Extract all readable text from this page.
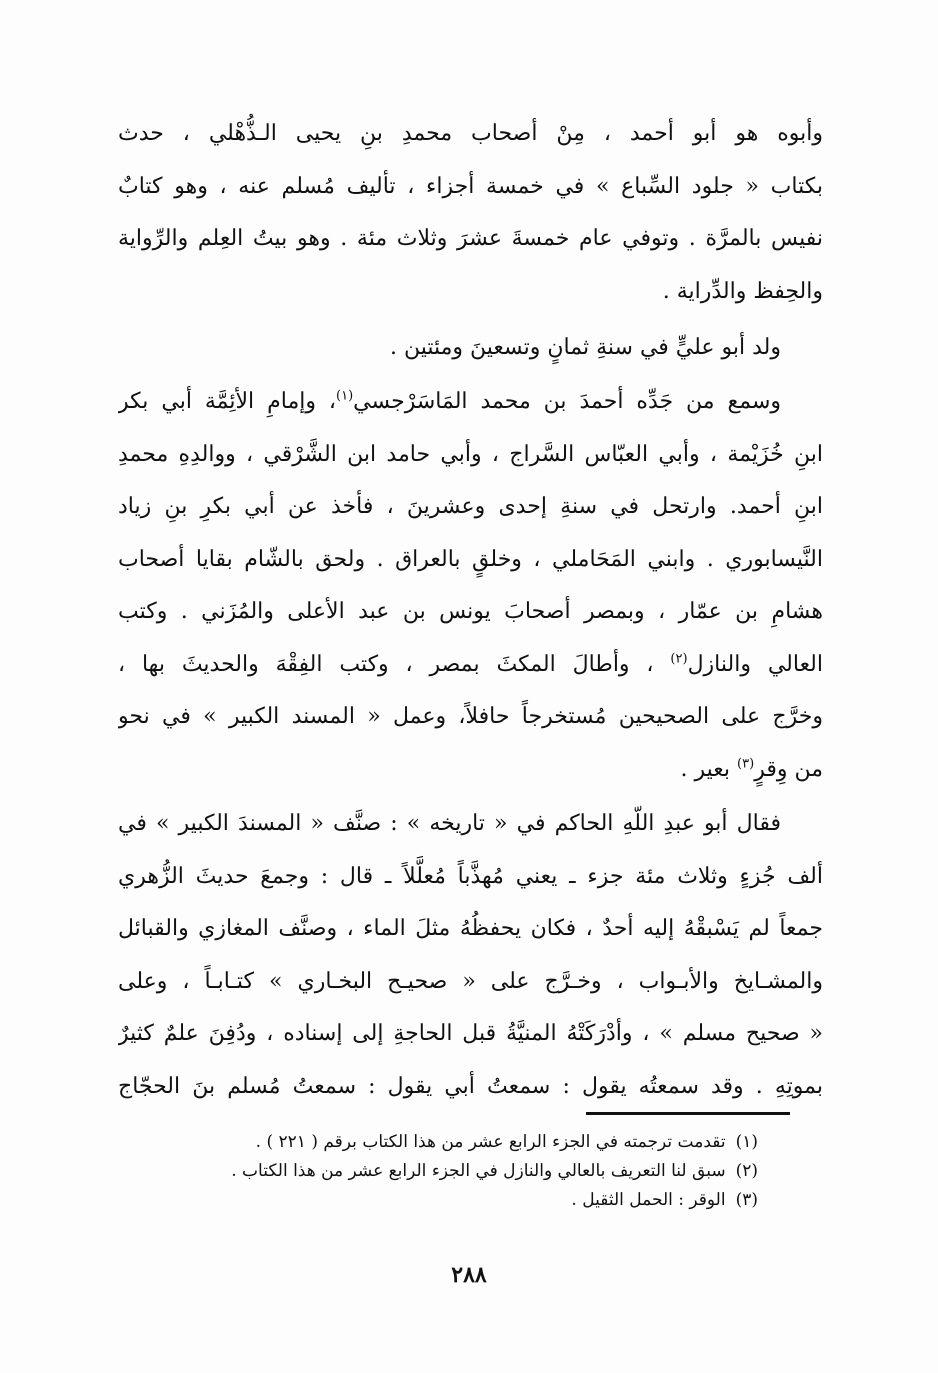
وأبوه هو أبو أحمد ، مِنْ أصحاب محمدِ بنِ يحيى الـذُّهْلي ، حدث
بكتاب « جلود السِّباع » في خمسة أجزاء ، تأليف مُسلم عنه ، وهو كتابٌ
نفيس بالمرَّة . وتوفي عام خمسةَ عشرَ وثلاث مئة . وهو بيتُ العِلم والرِّواية
والحِفظ والدِّراية .
ولد أبو عليٍّ في سنةِ ثمانٍ وتسعينَ ومئتين .
وسمع من جَدِّه أحمدَ بن محمد المَاسَرْجسي$^{(١)}$، وإمامِ الأئِمَّة أبي بكر
ابنِ خُزَيْمة ، وأبي العبّاس السَّراج ، وأبي حامد ابن الشَّرْقي ، ووالدِهِ محمدِ
ابنِ أحمد. وارتحل في سنةِ إحدى وعشرينَ ، فأخذ عن أبي بكرِ بنِ زياد
النَّيسابوري . وابني المَحَاملي ، وخلقٍ بالعراق . ولحق بالشّام بقايا أصحاب
هشامِ بن عمّار ، وبمصر أصحابَ يونس بن عبد الأعلى والمُزَني . وكتب
العالي والنازل$^{(٢)}$ ، وأطالَ المكثَ بمصر ، وكتب الفِقْهَ والحديثَ بها ،
وخرَّج على الصحيحين مُستخرجاً حافلاً، وعمل « المسند الكبير » في نحو
من وِقرٍ$^{(٣)}$ بعير .
فقال أبو عبدِ اللّهِ الحاكم في « تاريخه » : صنَّف « المسندَ الكبير » في
ألف جُزءٍ وثلاث مئة جزء ـ يعني مُهذَّباً مُعلَّلاً ـ قال : وجمعَ حديثَ الزُّهري
جمعاً لم يَسْبقْهُ إليه أحدٌ ، فكان يحفظُهُ مثلَ الماء ، وصنَّف المغازي والقبائل
والمشـايخ والأبـواب ، وخـرَّج على « صحيـح البخـاري » كتـابـاً ، وعلى
« صحيح مسلم » ، وأدْرَكَتْهُ المنيَّةُ قبل الحاجةِ إلى إسناده ، ودُفِنَ علمٌ كثيرٌ
بموتِهِ . وقد سمعتُه يقول : سمعتُ أبي يقول : سمعتُ مُسلم بنَ الحجّاج
(١)تقدمت ترجمته في الجزء الرابع عشر من هذا الكتاب برقم ( ٢٢١ ) .
(٢)سبق لنا التعريف بالعالي والنازل في الجزء الرابع عشر من هذا الكتاب .
(٣)الوقر : الحمل الثقيل .
٢٨٨
